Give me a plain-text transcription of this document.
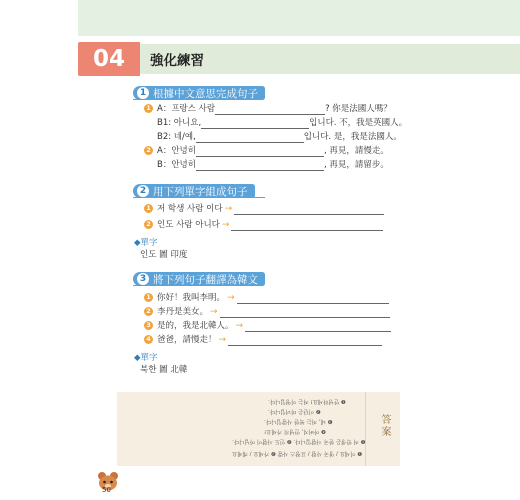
04	強化練習
1 根據中文意思完成句子
1 A：프랑스 사람	? 你是法國人嗎？
B1: 아니요,	입니다. 不，我是英國人。
B2: 네/예,	입니다. 是，我是法國人。
2 A：안녕히	, 再見，請慢走。
B：안녕히	, 再見，請留步。
2 用下列單字組成句子
1 저 학생 사람 이다 →
2 인도 사람 아니다 →
◆單字
인도 圖 印度
3 將下列句子翻譯為韓文
1 你好！我叫李明。 →
2 李丹是美女。 →
3 是的，我是北韓人。 →
4 爸爸，請慢走！ →
◆單字
북한 圖 北韓
答案
❶ 안녕하세요! 저는 이명입니다.
❷ 이단은 미녀입니다.
❸ 네, 저는 북한 사람입니다.
❹ 아버지, 안녕히 가세요!
❶ 저 학생은 한국 사람입니다. ❷ 인도 사람이 아닙니다.
❶ 이세요 / 영국 사람 / 프랑스 사람 ❷ 가세요 / 계세요
50
